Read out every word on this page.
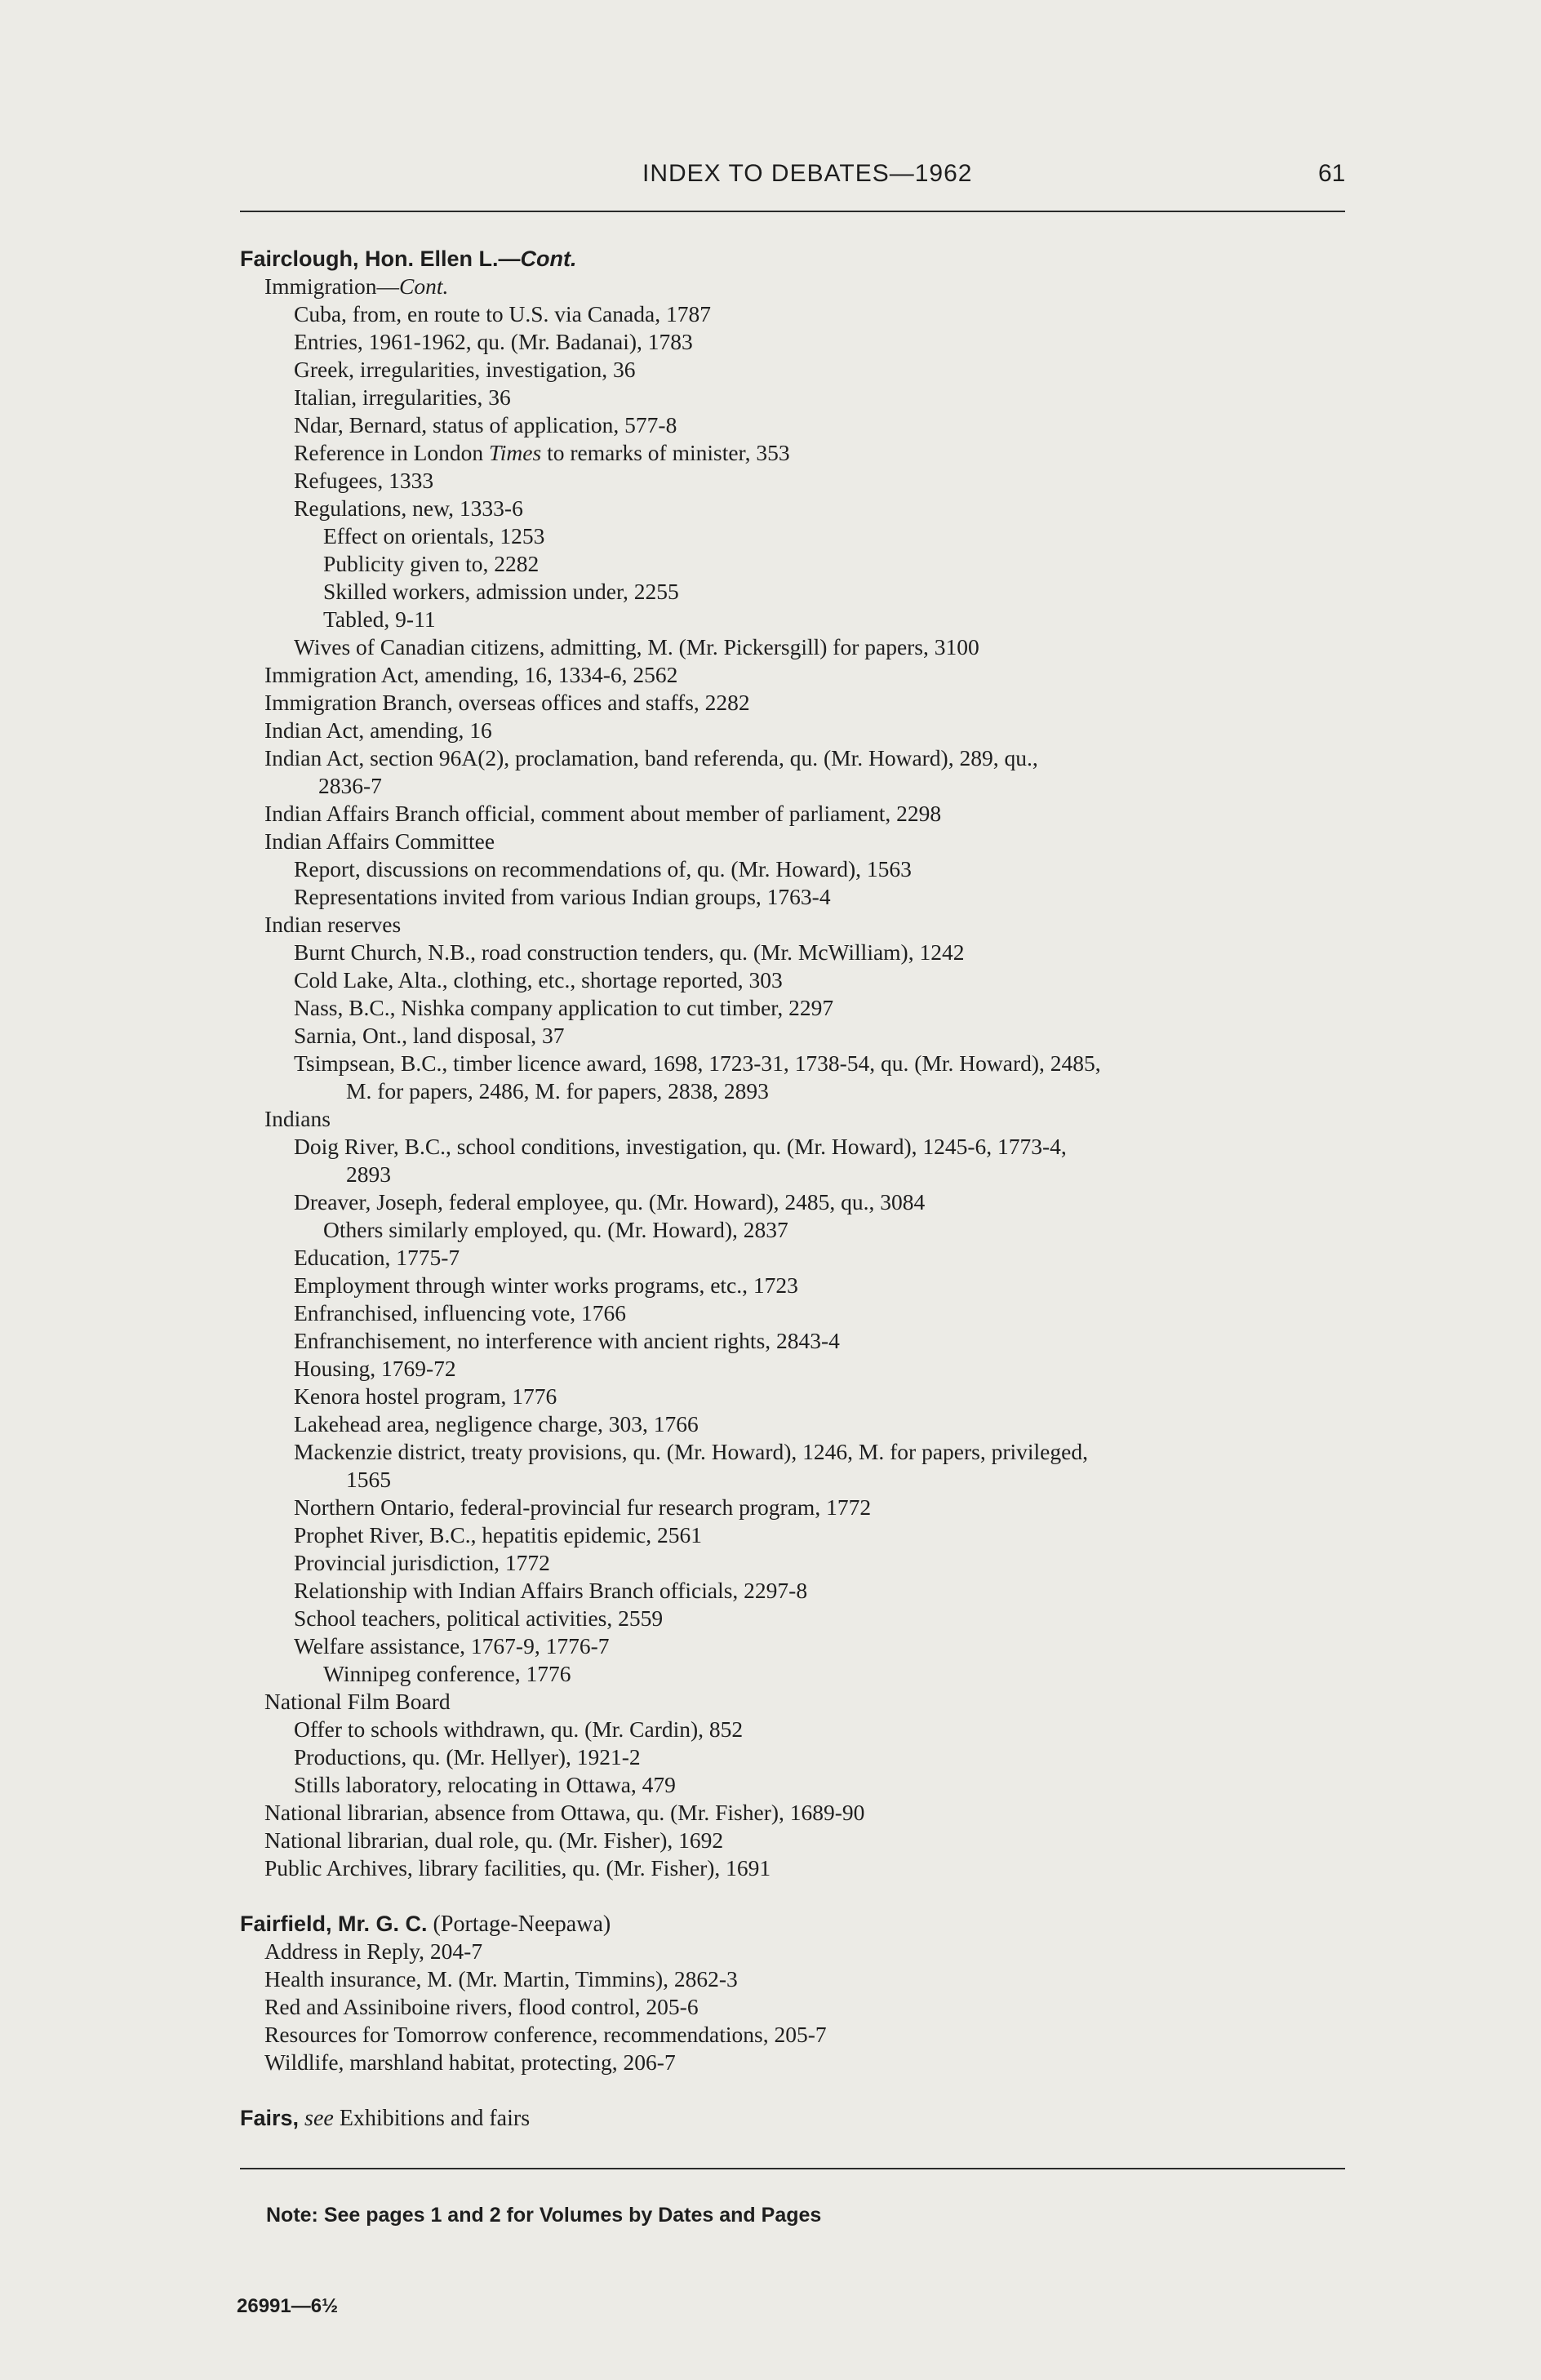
INDEX TO DEBATES—1962	61
Fairclough, Hon. Ellen L.—Cont.
Immigration—Cont.
Cuba, from, en route to U.S. via Canada, 1787
Entries, 1961-1962, qu. (Mr. Badanai), 1783
Greek, irregularities, investigation, 36
Italian, irregularities, 36
Ndar, Bernard, status of application, 577-8
Reference in London Times to remarks of minister, 353
Refugees, 1333
Regulations, new, 1333-6
Effect on orientals, 1253
Publicity given to, 2282
Skilled workers, admission under, 2255
Tabled, 9-11
Wives of Canadian citizens, admitting, M. (Mr. Pickersgill) for papers, 3100
Immigration Act, amending, 16, 1334-6, 2562
Immigration Branch, overseas offices and staffs, 2282
Indian Act, amending, 16
Indian Act, section 96A(2), proclamation, band referenda, qu. (Mr. Howard), 289, qu.,
2836-7
Indian Affairs Branch official, comment about member of parliament, 2298
Indian Affairs Committee
Report, discussions on recommendations of, qu. (Mr. Howard), 1563
Representations invited from various Indian groups, 1763-4
Indian reserves
Burnt Church, N.B., road construction tenders, qu. (Mr. McWilliam), 1242
Cold Lake, Alta., clothing, etc., shortage reported, 303
Nass, B.C., Nishka company application to cut timber, 2297
Sarnia, Ont., land disposal, 37
Tsimpsean, B.C., timber licence award, 1698, 1723-31, 1738-54, qu. (Mr. Howard), 2485,
M. for papers, 2486, M. for papers, 2838, 2893
Indians
Doig River, B.C., school conditions, investigation, qu. (Mr. Howard), 1245-6, 1773-4,
2893
Dreaver, Joseph, federal employee, qu. (Mr. Howard), 2485, qu., 3084
Others similarly employed, qu. (Mr. Howard), 2837
Education, 1775-7
Employment through winter works programs, etc., 1723
Enfranchised, influencing vote, 1766
Enfranchisement, no interference with ancient rights, 2843-4
Housing, 1769-72
Kenora hostel program, 1776
Lakehead area, negligence charge, 303, 1766
Mackenzie district, treaty provisions, qu. (Mr. Howard), 1246, M. for papers, privileged,
1565
Northern Ontario, federal-provincial fur research program, 1772
Prophet River, B.C., hepatitis epidemic, 2561
Provincial jurisdiction, 1772
Relationship with Indian Affairs Branch officials, 2297-8
School teachers, political activities, 2559
Welfare assistance, 1767-9, 1776-7
Winnipeg conference, 1776
National Film Board
Offer to schools withdrawn, qu. (Mr. Cardin), 852
Productions, qu. (Mr. Hellyer), 1921-2
Stills laboratory, relocating in Ottawa, 479
National librarian, absence from Ottawa, qu. (Mr. Fisher), 1689-90
National librarian, dual role, qu. (Mr. Fisher), 1692
Public Archives, library facilities, qu. (Mr. Fisher), 1691
Fairfield, Mr. G. C. (Portage-Neepawa)
Address in Reply, 204-7
Health insurance, M. (Mr. Martin, Timmins), 2862-3
Red and Assiniboine rivers, flood control, 205-6
Resources for Tomorrow conference, recommendations, 205-7
Wildlife, marshland habitat, protecting, 206-7
Fairs, see Exhibitions and fairs
Note: See pages 1 and 2 for Volumes by Dates and Pages
26991—6½
